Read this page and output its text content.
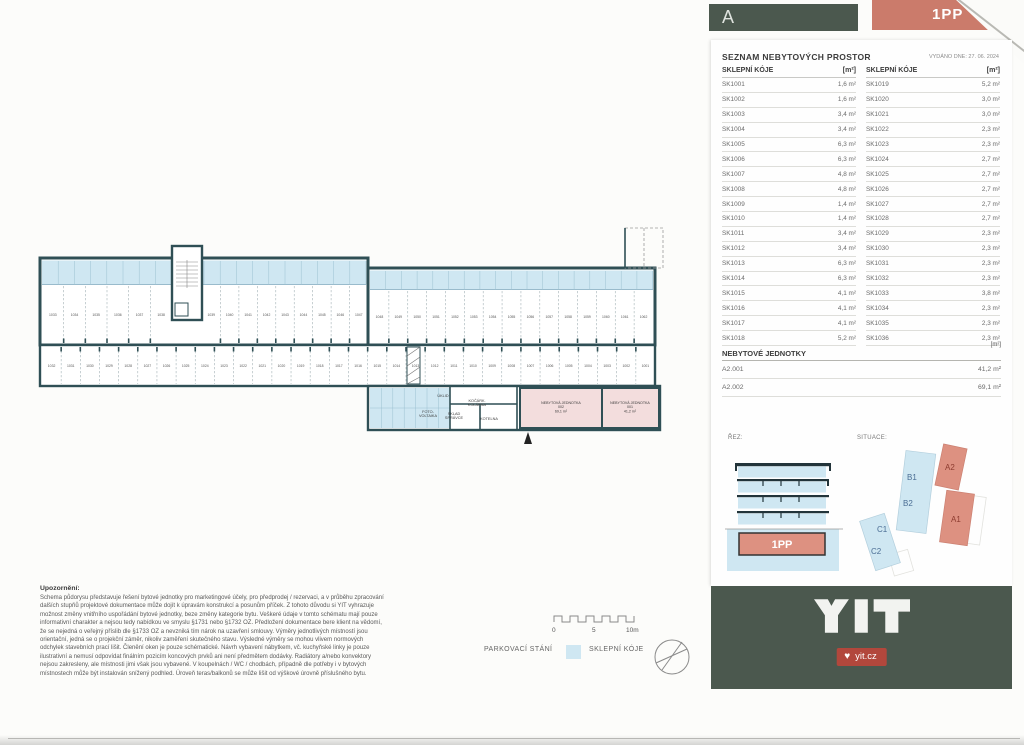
1033	1034	1035	1036	1037	1038	1039	1040	1041	1042	1043	1044	1045	1046	1047	1048	1049	1050	1051	1052	1053	1054	1055	1056	1057	1058	1059	1060	1061	1062
1032	1031	1030	1029	1028	1027	1026	1025	1024	1023	1022	1021	1020	1019	1018	1017	1016	1015	1014	1013	1012	1011	1010	1009	1008	1007	1006	1005	1004	1003	1002	1001
ÚKLID
KOČÁRK. KOLÁRNA
FOTO-VOLTAIKA	SKLAD SPRÁVCE	KOTELNA
NEBYTOVÁ JEDNOTKA 002 69,1 m²
NEBYTOVÁ JEDNOTKA 001 41,2 m²
Upozornění:
Schema půdorysu představuje řešení bytové jednotky pro marketingové účely, pro předprodej / rezervaci, a v průběhu zpracování dalších stupňů projektové dokumentace může dojít k úpravám konstrukcí a posunům příček. Z tohoto důvodu si YIT vyhrazuje možnost změny vnitřního uspořádání bytové jednotky, beze změny kategorie bytu. Veškeré údaje v tomto schématu mají pouze informativní charakter a nejsou tedy nabídkou ve smyslu §1731 nebo §1732 OZ. Předložení dokumentace bere klient na vědomí, že se nejedná o veřejný příslib dle §1733 OZ a nevzniká tím nárok na uzavření smlouvy. Výměry jednotlivých místností jsou orientační, jedná se o projekční záměr, nikoliv zaměření skutečného stavu. Výsledné výměry se mohou vlivem normových odchylek stavebních prací lišit. Členění oken je pouze schématické. Návrh vybavení nábytkem, vč. kuchyňské linky je pouze ilustrativní a nemusí odpovídat finálním pozicím koncových prvků ani není předmětem dodávky. Radiátory a/nebo konvektory nejsou zakresleny, ale místnosti jimi však jsou vybavené. V koupelnách / WC / chodbách, případně dle potřeby i v bytových místnostech může být instalován snížený podhled. Úroveň teras/balkonů se může lišit od výškové úrovně příslušného bytu.
0	5	10m
PARKOVACÍ STÁNÍ	SKLEPNÍ KÓJE
A	1PP
SEZNAM NEBYTOVÝCH PROSTOR	VYDÁNO DNE: 27. 06. 2024
SKLEPNÍ KÓJE	[m²]
SK1001	1,6 m²
SK1002	1,6 m²
SK1003	3,4 m²
SK1004	3,4 m²
SK1005	6,3 m²
SK1006	6,3 m²
SK1007	4,8 m²
SK1008	4,8 m²
SK1009	1,4 m²
SK1010	1,4 m²
SK1011	3,4 m²
SK1012	3,4 m²
SK1013	6,3 m²
SK1014	6,3 m²
SK1015	4,1 m²
SK1016	4,1 m²
SK1017	4,1 m²
SK1018	5,2 m²
SKLEPNÍ KÓJE	[m²]
SK1019	5,2 m²
SK1020	3,0 m²
SK1021	3,0 m²
SK1022	2,3 m²
SK1023	2,3 m²
SK1024	2,7 m²
SK1025	2,7 m²
SK1026	2,7 m²
SK1027	2,7 m²
SK1028	2,7 m²
SK1029	2,3 m²
SK1030	2,3 m²
SK1031	2,3 m²
SK1032	2,3 m²
SK1033	3,8 m²
SK1034	2,3 m²
SK1035	2,3 m²
SK1036	2,3 m²
[m²]
NEBYTOVÉ JEDNOTKY
A2.001	41,2 m²
A2.002	69,1 m²
ŘEZ:	SITUACE:
1PP
B1
B2
A2
A1
C1
C2
♥ yit.cz
